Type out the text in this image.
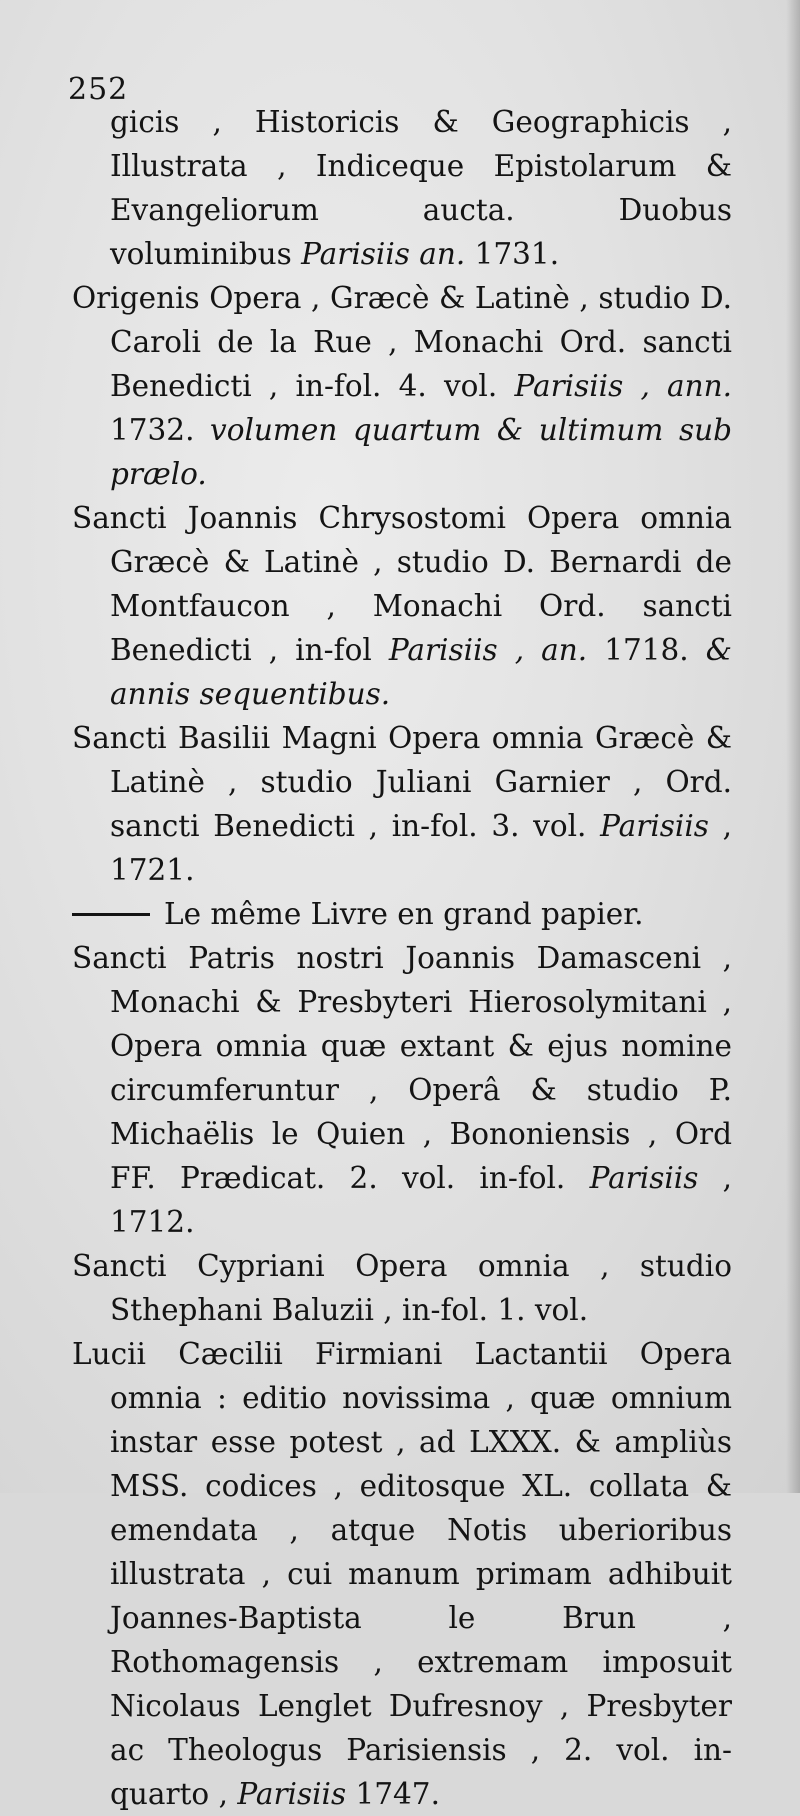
252

gicis , Historicis & Geographicis , Illustrata , Indiceque Epistolarum & Evangeliorum aucta. Duobus voluminibus Parisiis an. 1731.

Origenis Opera , Græcè & Latinè , studio D. Caroli de la Rue , Monachi Ord. sancti Benedicti , in-fol. 4. vol. Parisiis , ann. 1732. volumen quartum & ultimum sub prælo.

Sancti Joannis Chrysostomi Opera omnia Græcè & Latinè , studio D. Bernardi de Montfaucon , Monachi Ord. sancti Benedicti , in-fol Parisiis , an. 1718. & annis sequentibus.

Sancti Basilii Magni Opera omnia Græcè & Latinè , studio Juliani Garnier , Ord. sancti Benedicti , in-fol. 3. vol. Parisiis , 1721.

Le même Livre en grand papier.

Sancti Patris nostri Joannis Damasceni , Monachi & Presbyteri Hierosolymitani , Opera omnia quæ extant & ejus nomine circumferuntur , Operâ & studio P. Michaëlis le Quien , Bononiensis , Ord FF. Prædicat. 2. vol. in-fol. Parisiis , 1712.

Sancti Cypriani Opera omnia , studio Sthephani Baluzii , in-fol. 1. vol.

Lucii Cæcilii Firmiani Lactantii Opera omnia : editio novissima , quæ omnium instar esse potest , ad LXXX. & ampliùs MSS. codices , editosque XL. collata & emendata , atque Notis uberioribus illustrata , cui manum primam adhibuit Joannes-Baptista le Brun , Rothomagensis , extremam imposuit Nicolaus Lenglet Dufresnoy , Presbyter ac Theologus Parisiensis , 2. vol. in-quarto , Parisiis 1747.
